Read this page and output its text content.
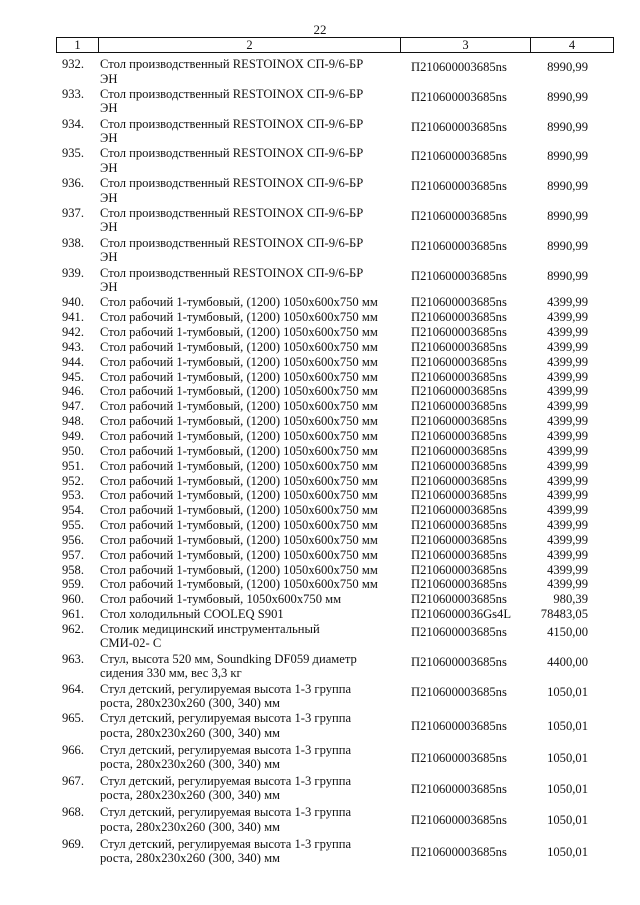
22
1	2	3	4
932. Стол производственный RESTOINOX СП-9/6-БР
ЭН
П210600003685ns	8990,99
933. Стол производственный RESTOINOX СП-9/6-БР
ЭН
П210600003685ns	8990,99
934. Стол производственный RESTOINOX СП-9/6-БР
ЭН
П210600003685ns	8990,99
935. Стол производственный RESTOINOX СП-9/6-БР
ЭН
П210600003685ns	8990,99
936. Стол производственный RESTOINOX СП-9/6-БР
ЭН
П210600003685ns	8990,99
937. Стол производственный RESTOINOX СП-9/6-БР
ЭН
П210600003685ns	8990,99
938. Стол производственный RESTOINOX СП-9/6-БР
ЭН
П210600003685ns	8990,99
939. Стол производственный RESTOINOX СП-9/6-БР
ЭН
П210600003685ns	8990,99
940. Стол рабочий 1-тумбовый, (1200) 1050x600x750 мм	П210600003685ns	4399,99
941. Стол рабочий 1-тумбовый, (1200) 1050x600x750 мм	П210600003685ns	4399,99
942. Стол рабочий 1-тумбовый, (1200) 1050x600x750 мм	П210600003685ns	4399,99
943. Стол рабочий 1-тумбовый, (1200) 1050x600x750 мм	П210600003685ns	4399,99
944. Стол рабочий 1-тумбовый, (1200) 1050x600x750 мм	П210600003685ns	4399,99
945. Стол рабочий 1-тумбовый, (1200) 1050x600x750 мм	П210600003685ns	4399,99
946. Стол рабочий 1-тумбовый, (1200) 1050x600x750 мм	П210600003685ns	4399,99
947. Стол рабочий 1-тумбовый, (1200) 1050x600x750 мм	П210600003685ns	4399,99
948. Стол рабочий 1-тумбовый, (1200) 1050x600x750 мм	П210600003685ns	4399,99
949. Стол рабочий 1-тумбовый, (1200) 1050x600x750 мм	П210600003685ns	4399,99
950. Стол рабочий 1-тумбовый, (1200) 1050x600x750 мм	П210600003685ns	4399,99
951. Стол рабочий 1-тумбовый, (1200) 1050x600x750 мм	П210600003685ns	4399,99
952. Стол рабочий 1-тумбовый, (1200) 1050x600x750 мм	П210600003685ns	4399,99
953. Стол рабочий 1-тумбовый, (1200) 1050x600x750 мм	П210600003685ns	4399,99
954. Стол рабочий 1-тумбовый, (1200) 1050x600x750 мм	П210600003685ns	4399,99
955. Стол рабочий 1-тумбовый, (1200) 1050x600x750 мм	П210600003685ns	4399,99
956. Стол рабочий 1-тумбовый, (1200) 1050x600x750 мм	П210600003685ns	4399,99
957. Стол рабочий 1-тумбовый, (1200) 1050x600x750 мм	П210600003685ns	4399,99
958. Стол рабочий 1-тумбовый, (1200) 1050x600x750 мм	П210600003685ns	4399,99
959. Стол рабочий 1-тумбовый, (1200) 1050x600x750 мм	П210600003685ns	4399,99
960. Стол рабочий 1-тумбовый, 1050x600x750 мм	П210600003685ns	980,39
961. Стол холодильный COOLEQ S901	П2106000036Gs4L	78483,05
962. Столик медицинский инструментальный
СМИ-02- С
П210600003685ns	4150,00
963. Стул, высота 520 мм, Soundking DF059 диаметр
сидения 330 мм, вес 3,3 кг
П210600003685ns	4400,00
964. Стул детский, регулируемая высота 1-3 группа
роста, 280x230x260 (300, 340) мм
П210600003685ns	1050,01
965. Стул детский, регулируемая высота 1-3 группа
роста, 280x230x260 (300, 340) мм	П210600003685ns	1050,01
966. Стул детский, регулируемая высота 1-3 группа
роста, 280x230x260 (300, 340) мм	П210600003685ns	1050,01
967. Стул детский, регулируемая высота 1-3 группа
роста, 280x230x260 (300, 340) мм	П210600003685ns	1050,01
968. Стул детский, регулируемая высота 1-3 группа
роста, 280x230x260 (300, 340) мм	П210600003685ns	1050,01
969. Стул детский, регулируемая высота 1-3 группа
роста, 280x230x260 (300, 340) мм	П210600003685ns	1050,01
